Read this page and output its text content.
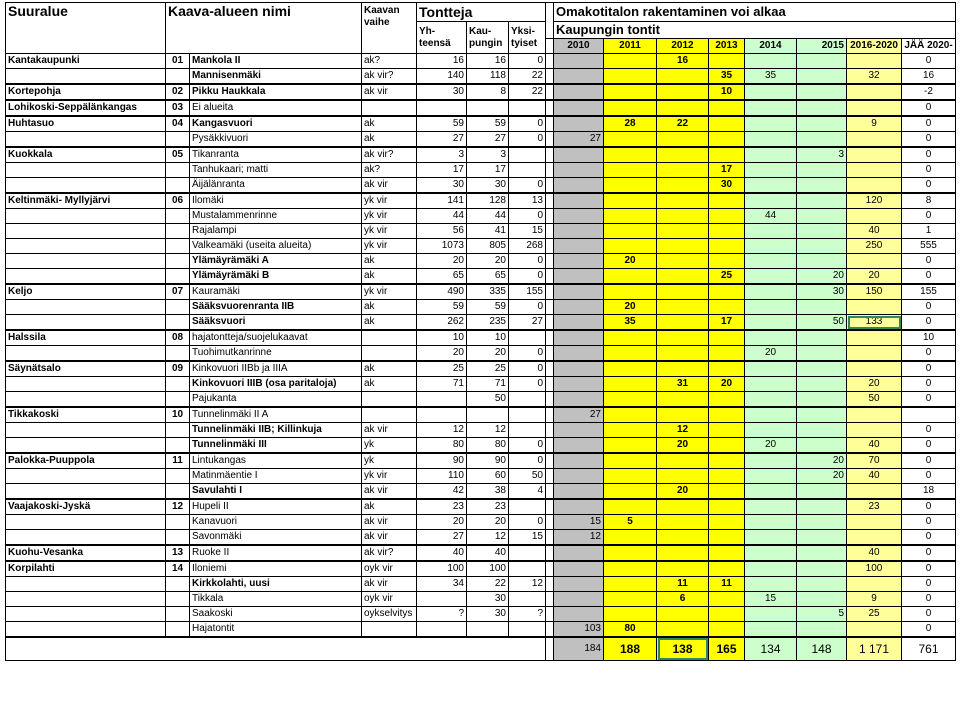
Suuralue	Kaava-alueen nimi		Kaavan vaihe	Tontteja				Omakotitalon rakentaminen voi alkaa							
				Yh-teensä	Kau-pungin	Yksi-tyiset		Kaupungin tontit							
								2010	2011	2012	2013	2014	2015	2016-2020	JÄÄ 2020-
Kantakaupunki	01	Mankola II	ak?	16	16	0				16					0
		Mannisenmäki	ak vir?	140	118	22					35	35		32	16
Kortepohja	02	Pikku Haukkala	ak vir	30	8	22					10				-2
Lohikoski-Seppälänkangas	03	Ei alueita													0
Huhtasuo	04	Kangasvuori	ak	59	59	0			28	22				9	0
		Pysäkkivuori	ak	27	27	0		27							0
Kuokkala	05	Tikanranta	ak vir?	3	3								3		0
		Tanhukaari; matti	ak?	17	17						17				0
		Äijälänranta	ak vir	30	30	0					30				0
Keltinmäki- Myllyjärvi	06	Ilomäki	yk vir	141	128	13								120	8
		Mustalammenrinne	yk vir	44	44	0						44			0
		Rajalampi	yk vir	56	41	15								40	1
		Valkeamäki (useita alueita)	yk vir	1073	805	268								250	555
		Ylämäyrämäki A	ak	20	20	0			20						0
		Ylämäyrämäki B	ak	65	65	0					25		20	20	0
Keljo	07	Kauramäki	yk vir	490	335	155							30	150	155
		Sääksvuorenranta IIB	ak	59	59	0			20						0
		Sääksvuori	ak	262	235	27			35		17		50	133	0
Halssila	08	hajatontteja/suojelukaavat		10	10										10
		Tuohimutkanrinne		20	20	0						20			0
Säynätsalo	09	Kinkovuori IIBb ja IIIA	ak	25	25	0									0
		Kinkovuori IIIB (osa paritaloja)	ak	71	71	0				31	20			20	0
		Pajukanta			50									50	0
Tikkakoski	10	Tunnelinmäki II A						27							
		Tunnelinmäki IIB; Killinkuja	ak vir	12	12					12					0
		Tunnelinmäki III	yk	80	80	0				20		20		40	0
Palokka-Puuppola	11	Lintukangas	yk	90	90	0							20	70	0
		Matinmäentie I	yk vir	110	60	50							20	40	0
		Savulahti I	ak vir	42	38	4				20					18
Vaajakoski-Jyskä	12	Hupeli II	ak	23	23									23	0
		Kanavuori	ak vir	20	20	0		15	5						0
		Savonmäki	ak vir	27	12	15		12							0
Kuohu-Vesanka	13	Ruoke II	ak vir?	40	40									40	0
Korpilahti	14	Iloniemi	oyk vir	100	100									100	0
		Kirkkolahti, uusi	ak vir	34	22	12				11	11				0
		Tikkala	oyk vir		30					6		15		9	0
		Saakoski	oykselvitys	?	30	?							5	25	0
		Hajatontit						103	80						0
								184	188	138	165	134	148	1 171	761
